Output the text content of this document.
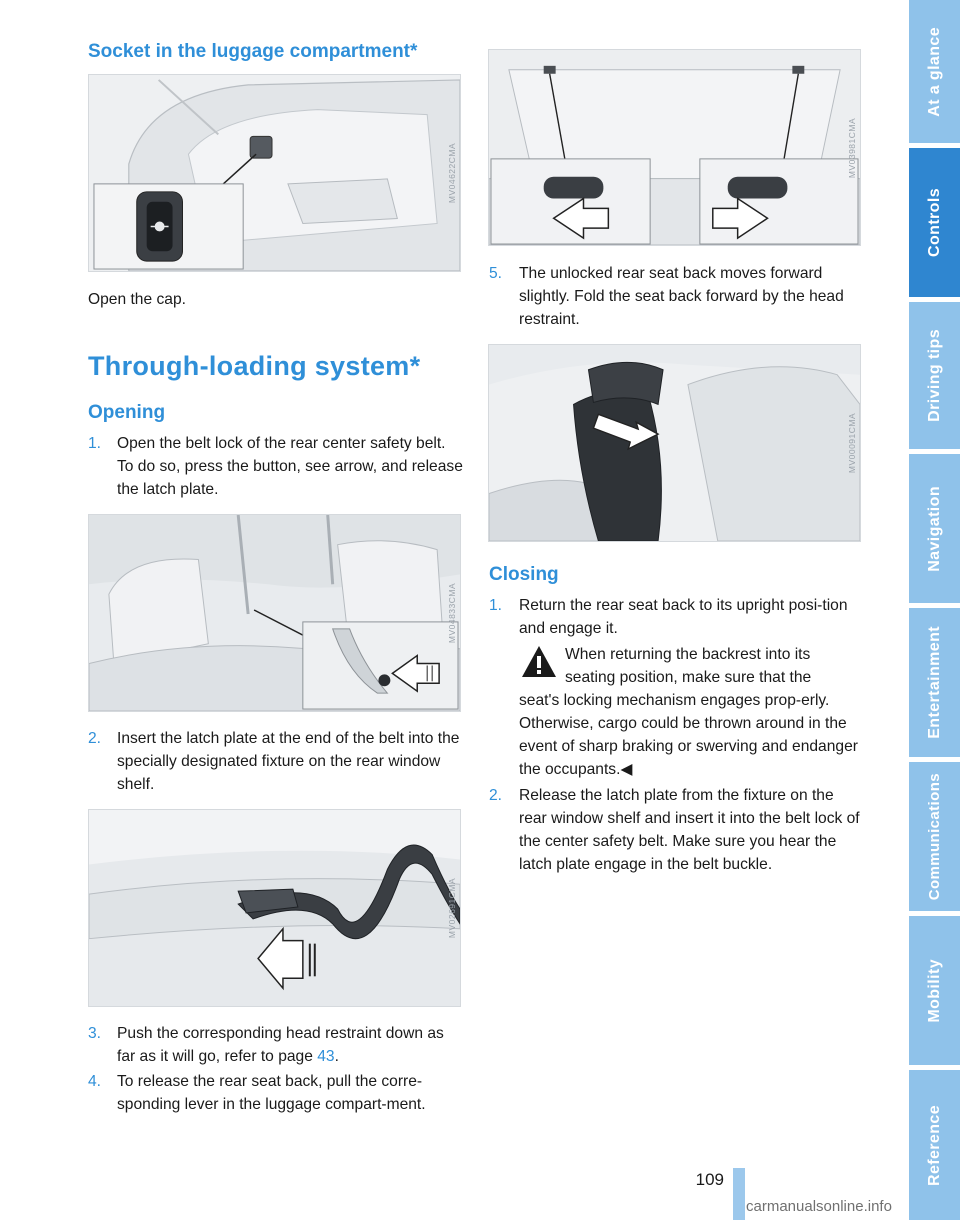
Socket in the luggage compartment*
MV04622CMA
Open the cap.
Through-loading system*
Opening
1. Open the belt lock of the rear center safety belt. To do so, press the button, see arrow, and release the latch plate.
MV04833CMA
2. Insert the latch plate at the end of the belt into the specially designated fixture on the rear window shelf.
MV02691CMA
3. Push the corresponding head restraint down as far as it will go, refer to page 43.
4. To release the rear seat back, pull the corre-sponding lever in the luggage compart-ment.
MV03981CMA
5. The unlocked rear seat back moves forward slightly. Fold the seat back forward by the head restraint.
MV00091CMA
Closing
1. Return the rear seat back to its upright posi-tion and engage it.
When returning the backrest into its seating position, make sure that the
seat's locking mechanism engages prop-erly. Otherwise, cargo could be thrown around in the event of sharp braking or swerving and endanger the occupants.◀
2. Release the latch plate from the fixture on the rear window shelf and insert it into the belt lock of the center safety belt. Make sure you hear the latch plate engage in the belt buckle.
At a glance
Controls
Driving tips
Navigation
Entertainment
Communications
Mobility
Reference
109
carmanualsonline.info
